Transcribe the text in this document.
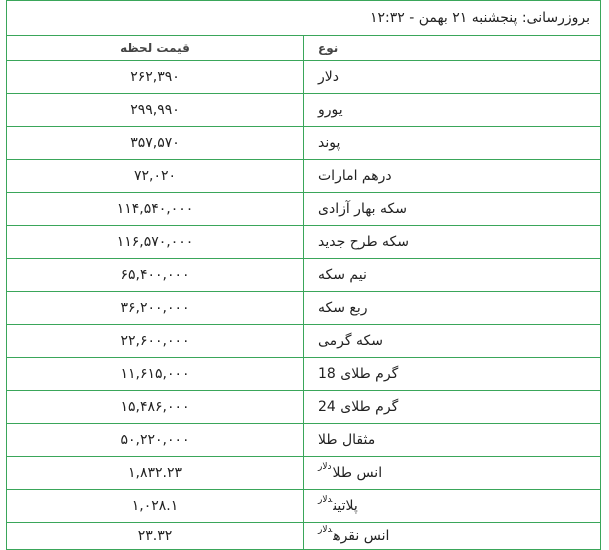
بروزرسانی: پنجشنبه ۲۱ بهمن - ۱۲:۳۲	
نوع	قیمت لحظه
دلار	۲۶۲,۳۹۰
یورو	۲۹۹,۹۹۰
پوند	۳۵۷,۵۷۰
درهم امارات	۷۲,۰۲۰
سکه بهار آزادی	۱۱۴,۵۴۰,۰۰۰
سکه طرح جدید	۱۱۶,۵۷۰,۰۰۰
نیم سکه	۶۵,۴۰۰,۰۰۰
ربع سکه	۳۶,۲۰۰,۰۰۰
سکه گرمی	۲۲,۶۰۰,۰۰۰
گرم طلای 18	۱۱,۶۱۵,۰۰۰
گرم طلای 24	۱۵,۴۸۶,۰۰۰
مثقال طلا	۵۰,۲۲۰,۰۰۰
انس طلا$^{دلار}$	۱,۸۳۲.۲۳
پلاتین$^{دلار}$	۱,۰۲۸.۱
انس نقره$^{دلار}$	۲۳.۳۲
